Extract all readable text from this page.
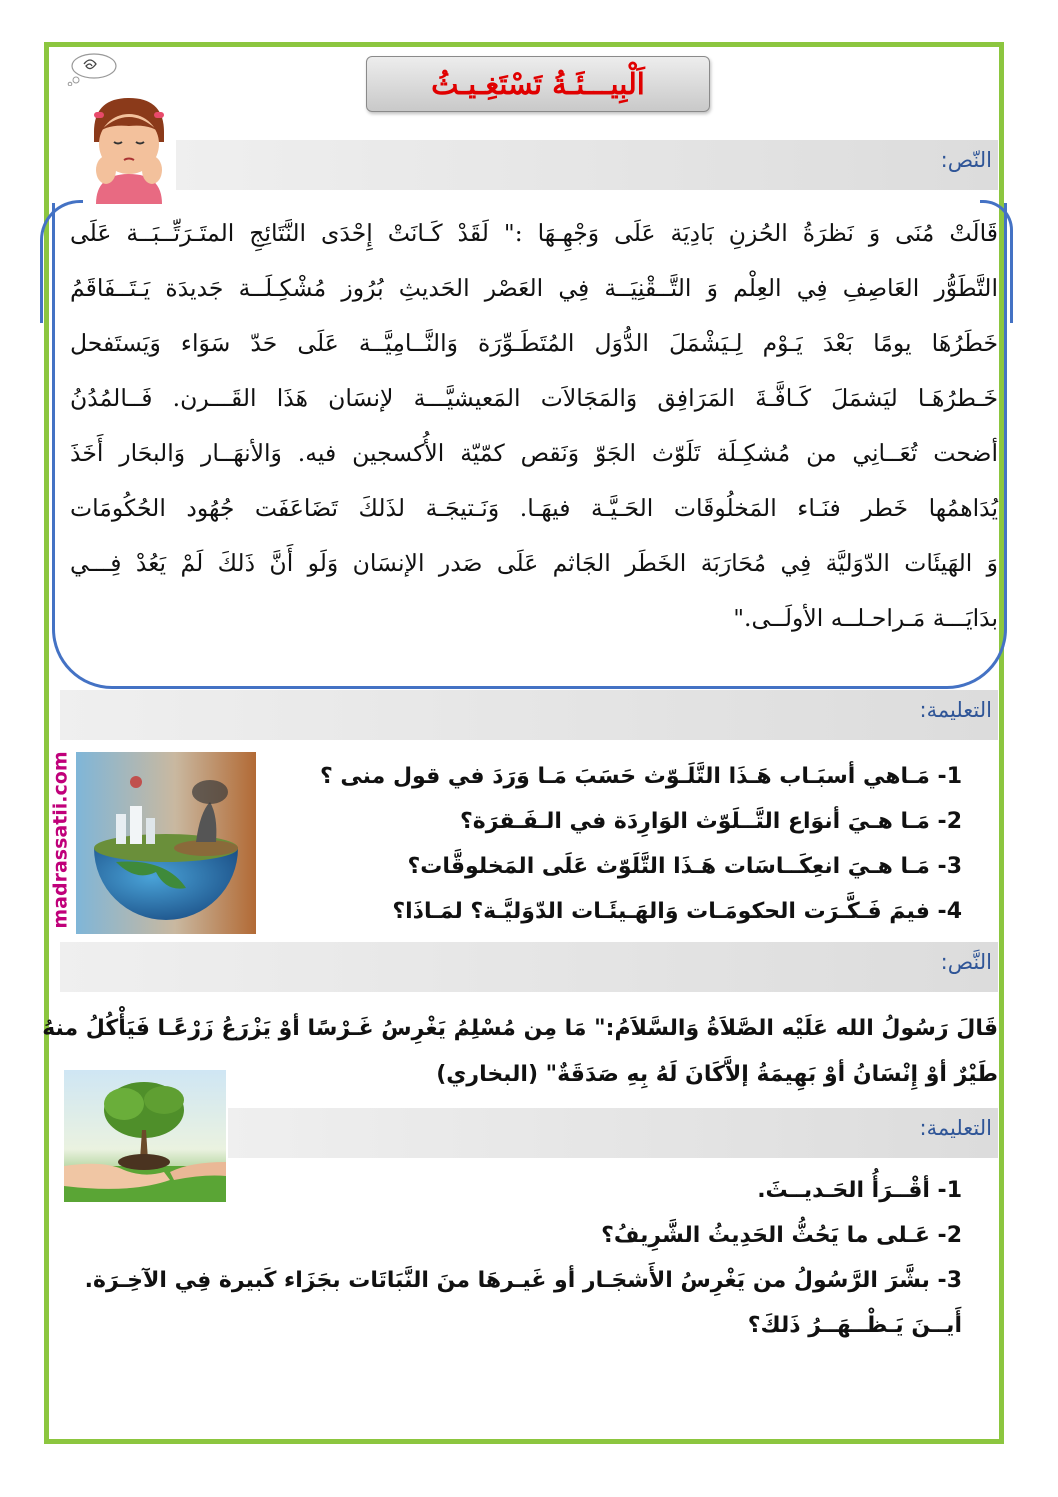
اَلْبِيـــئَـةُ تَسْتَغِـيـثُ
النّص:
قَالَتْ مُنَى وَ نَظرَةُ الحُزنِ بَادِيَة عَلَى وَجْهِـهَا :" لَقَدْ كَـانَتْ إِحْدَى النَّتَائِجِ المتَـرَتِّــبَــة عَلَى
التَّطَوُّر العَاصِفِ فِي العِلْم وَ التَّــقْنِيَــة فِي العَصْر الحَديثِ بُرُوز مُشْكِـلَــة جَديدَة يَـتَــفَاقَمُ
خَطَرُهَا يومًا بَعْدَ يَـوْم لِـيَشْمَلَ الدُّوَل المُتَطَـوِّرَة وَالنَّــامِيَّــة عَلَى حَدّ سَوَاء وَيَستَفحل
خَـطرُهَـا ليَشمَلَ كَـافَّـةَ المَرَافِق وَالمَجَالاَت المَعيشيَّـــة لإنسَان هَذَا القَـــرن. فَــالمُدُنُ
أضحت تُعَــانِي من مُشكِـلَة تَلَوّث الجَوّ وَنَقص كمّيّة الأُكسجين فيه. وَالأنهَــار وَالبحَار أَخَذَ
يُدَاهمُها خَطر فنَـاء المَخلُوقَات الحَـيَّـة فيهَـا. وَنَـتيجَـة لذَلكَ تَضَاعَفَت جُهُود الحُكُومَات
وَ الهَيئَات الدّوَليَّة فِي مُحَارَبَة الخَطَر الجَاثم عَلَى صَدر الإنسَان وَلَو أَنَّ ذَلكَ لَمْ يَعُدْ فِـــي
بدَايَـــة مَـراحـلــه الأولَــى."
التعليمة:
1- مَـاهي أسبَـاب هَـذَا التَّلَـوّث حَسَبَ مَـا وَرَدَ في قول منى ؟
2- مَـا هـيَ أنوَاع التَّــلَوّث الوَارِدَة في الـفَـقرَة؟
3- مَـا هـيَ انعِكَــاسَات هَـذَا التَّلَوّث عَلَى المَخلوقَّات؟
4- فيمَ فَـكَّـرَت الحكومَـات وَالهَـيئَـات الدّوَليَّـة؟ لمَـاذَا؟
النَّص:
قَالَ رَسُولُ الله عَلَيْه الصَّلاَةُ وَالسَّلاَمُ:" مَا مِن مُسْلِمُ يَغْرِسُ غَـرْسًا أوْ يَزْرَعُ زَرْعًـا فَيَأْكُلُ منهُ
طَيْرٌ أوْ إِنْسَانُ أوْ بَهِيمَةُ إلاَّكَانَ لَهُ بِهِ صَدَقَةٌ" (البخاري)
التعليمة:
1- أقْــرَأُ الحَـديــثَ.
2- عَـلى ما يَحُثُّ الحَدِيثُ الشَّرِيفُ؟
3- بشَّرَ الرَّسُولُ من يَغْرِسُ الأَشجَـار أو غَيـرهَا منَ النَّبَاتَات بجَزَاء كَبيرة فِي الآخِـرَة. أَيــنَ يَـظْــهَــرُ ذَلكَ؟
madrassatii.com
